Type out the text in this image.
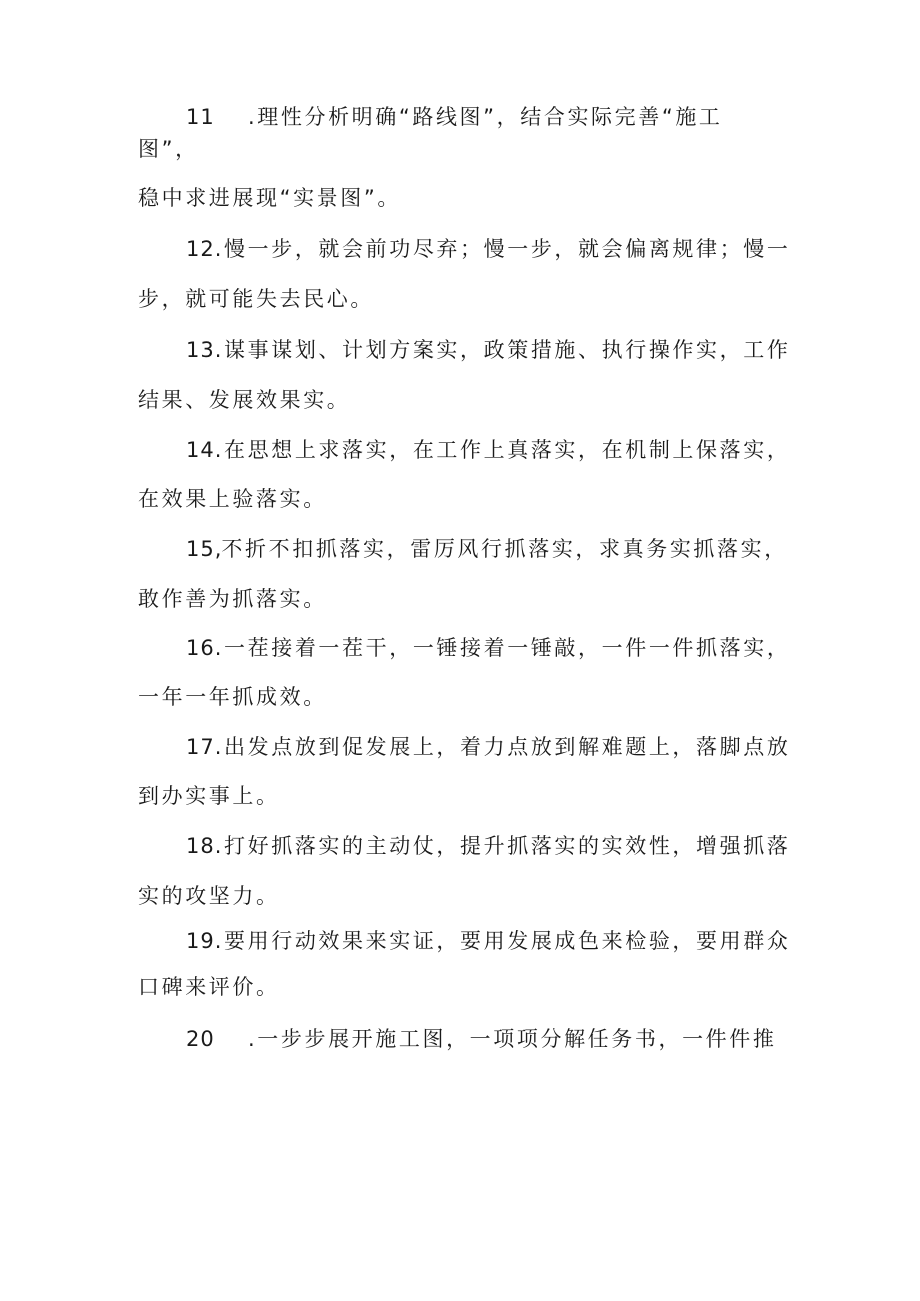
11 .理性分析明确“路线图”，结合实际完善“施工
图”，
稳中求进展现“实景图”。
12.慢一步，就会前功尽弃；慢一步，就会偏离规律；慢一
步，就可能失去民心。
13.谋事谋划、计划方案实，政策措施、执行操作实，工作
结果、发展效果实。
14.在思想上求落实，在工作上真落实，在机制上保落实，
在效果上验落实。
15,不折不扣抓落实，雷厉风行抓落实，求真务实抓落实，
敢作善为抓落实。
16.一茬接着一茬干，一锤接着一锤敲，一件一件抓落实，
一年一年抓成效。
17.出发点放到促发展上，着力点放到解难题上，落脚点放
到办实事上。
18.打好抓落实的主动仗，提升抓落实的实效性，增强抓落
实的攻坚力。
19.要用行动效果来实证，要用发展成色来检验，要用群众
口碑来评价。
20 .一步步展开施工图，一项项分解任务书，一件件推
